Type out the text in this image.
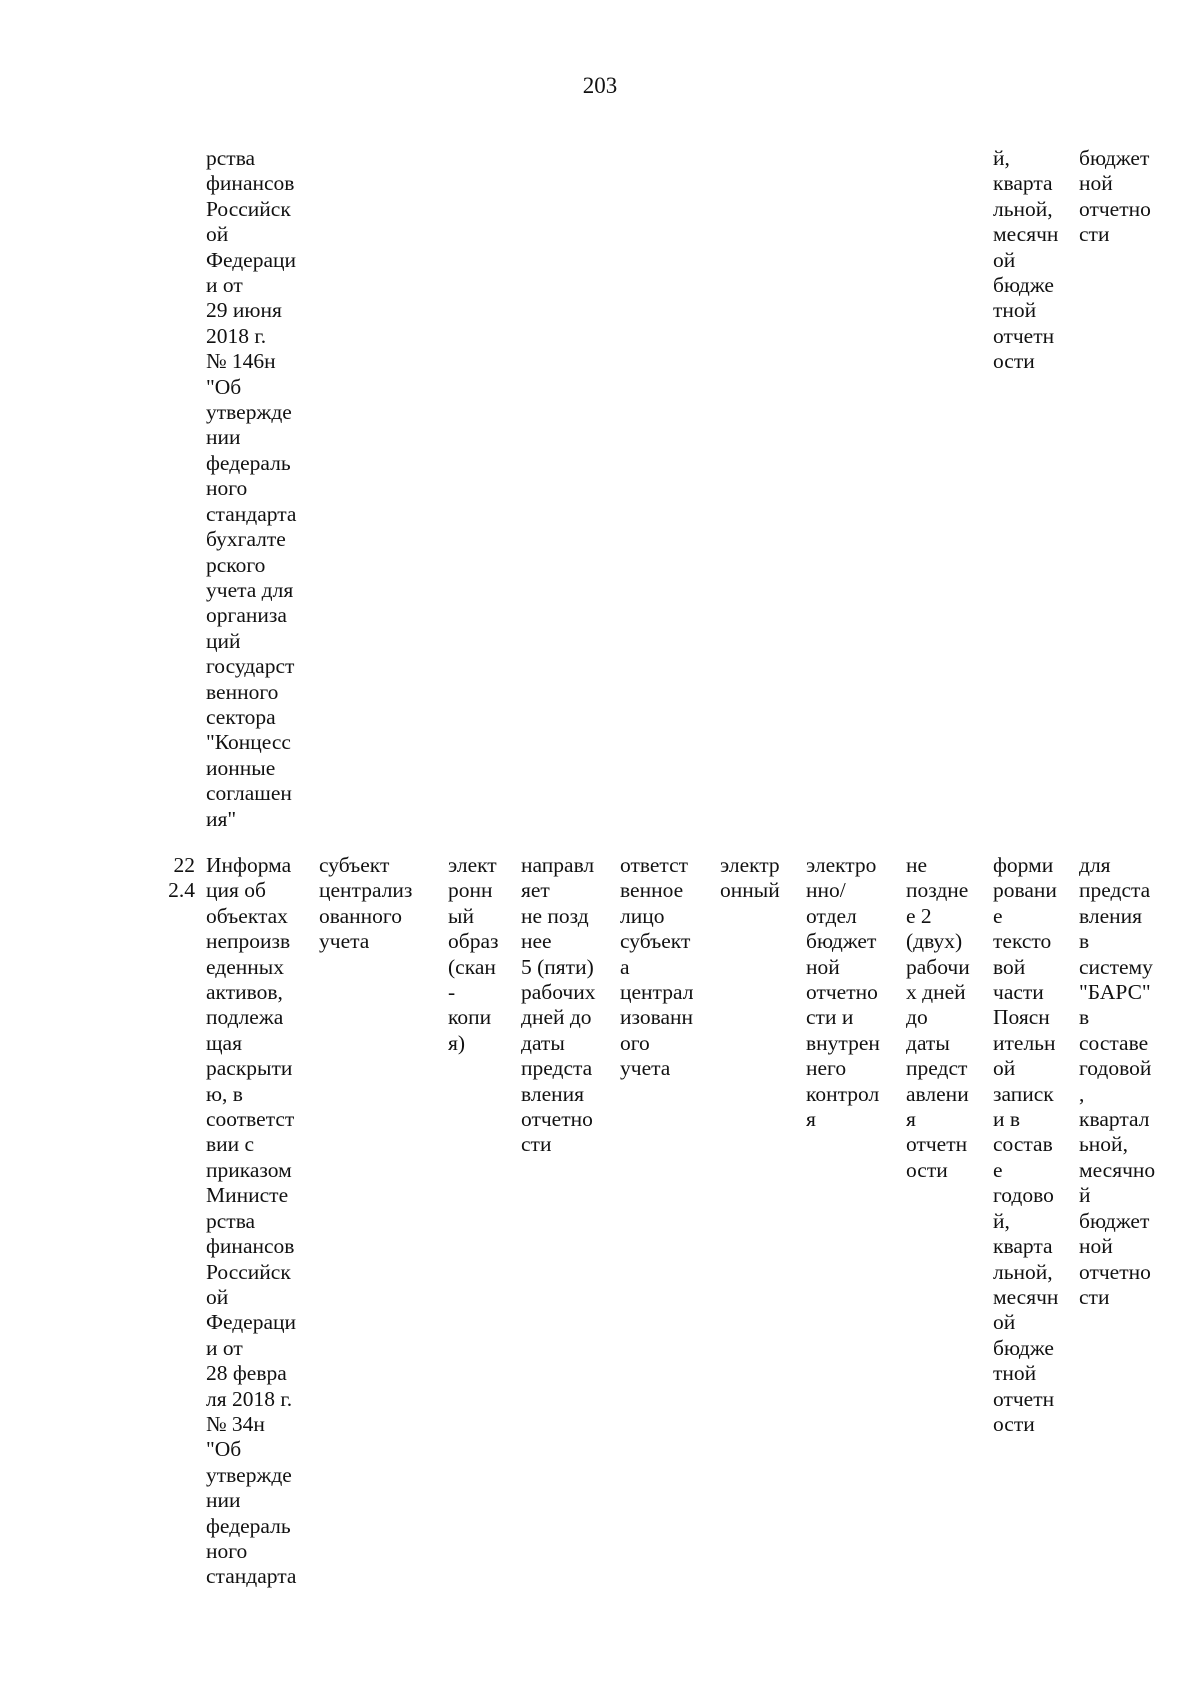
203
рства
финансов
Российск
ой
Федераци
и от
29 июня
2018 г.
№ 146н
"Об
утвержде
нии
федераль
ного
стандарта
бухгалте
рского
учета для
организа
ций
государст
венного
сектора
"Концесс
ионные
соглашен
ия"
й,
кварта
льной,
месячн
ой
бюдже
тной
отчетн
ости
бюджет
ной
отчетно
сти
22
2.4
Информа
ция об
объектах
непроизв
еденных
активов,
подлежа
щая
раскрыти
ю, в
соответст
вии с
приказом
Министе
рства
финансов
Российск
ой
Федераци
и от
28 февра
ля 2018 г.
№ 34н
"Об
утвержде
нии
федераль
ного
стандарта
субъект
централиз
ованного
учета
элект
ронн
ый
образ
(скан
-
копи
я)
направл
яет
не позд
нее
5 (пяти)
рабочих
дней до
даты
предста
вления
отчетно
сти
ответст
венное
лицо
субъект
а
централ
изованн
ого
учета
электр
онный
электро
нно/
отдел
бюджет
ной
отчетно
сти и
внутрен
него
контрол
я
не
поздне
е 2
(двух)
рабочи
х дней
до
даты
предст
авлени
я
отчетн
ости
форми
ровани
е
тексто
вой
части
Поясн
ительн
ой
записк
и в
состав
е
годово
й,
кварта
льной,
месячн
ой
бюдже
тной
отчетн
ости
для
предста
вления
в
систему
"БАРС"
в
составе
годовой
,
квартал
ьной,
месячно
й
бюджет
ной
отчетно
сти
